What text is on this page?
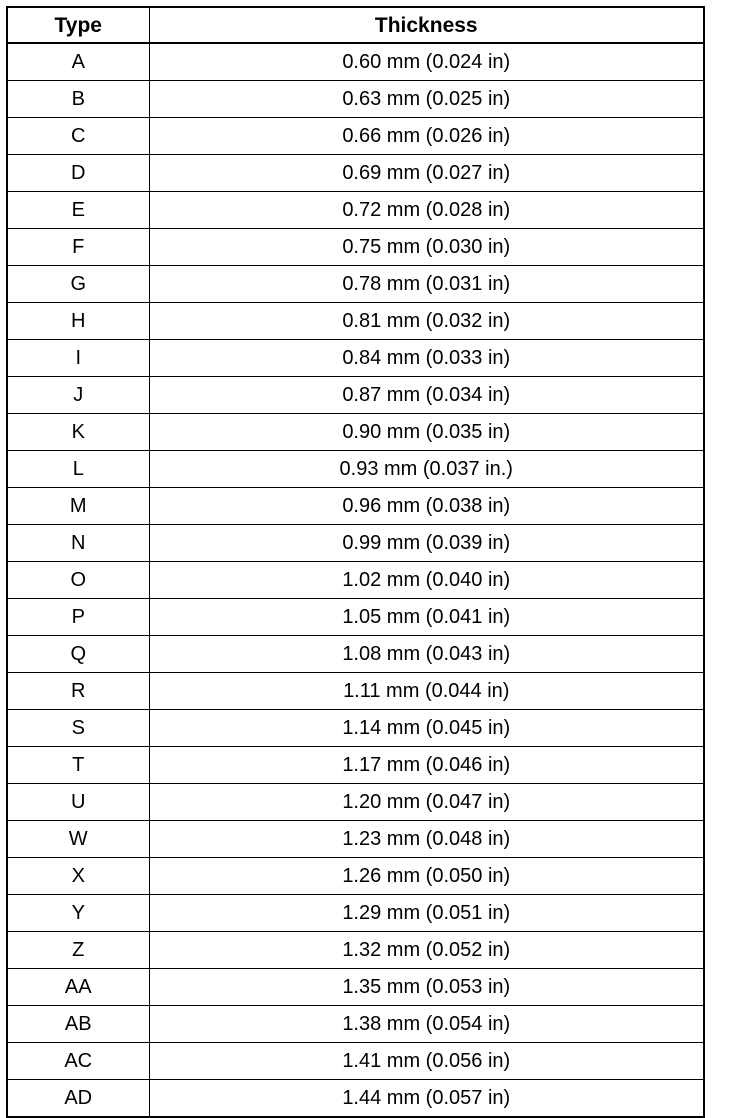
Type	Thickness
A	0.60 mm (0.024 in)
B	0.63 mm (0.025 in)
C	0.66 mm (0.026 in)
D	0.69 mm (0.027 in)
E	0.72 mm (0.028 in)
F	0.75 mm (0.030 in)
G	0.78 mm (0.031 in)
H	0.81 mm (0.032 in)
I	0.84 mm (0.033 in)
J	0.87 mm (0.034 in)
K	0.90 mm (0.035 in)
L	0.93 mm (0.037 in.)
M	0.96 mm (0.038 in)
N	0.99 mm (0.039 in)
O	1.02 mm (0.040 in)
P	1.05 mm (0.041 in)
Q	1.08 mm (0.043 in)
R	1.11 mm (0.044 in)
S	1.14 mm (0.045 in)
T	1.17 mm (0.046 in)
U	1.20 mm (0.047 in)
W	1.23 mm (0.048 in)
X	1.26 mm (0.050 in)
Y	1.29 mm (0.051 in)
Z	1.32 mm (0.052 in)
AA	1.35 mm (0.053 in)
AB	1.38 mm (0.054 in)
AC	1.41 mm (0.056 in)
AD	1.44 mm (0.057 in)
